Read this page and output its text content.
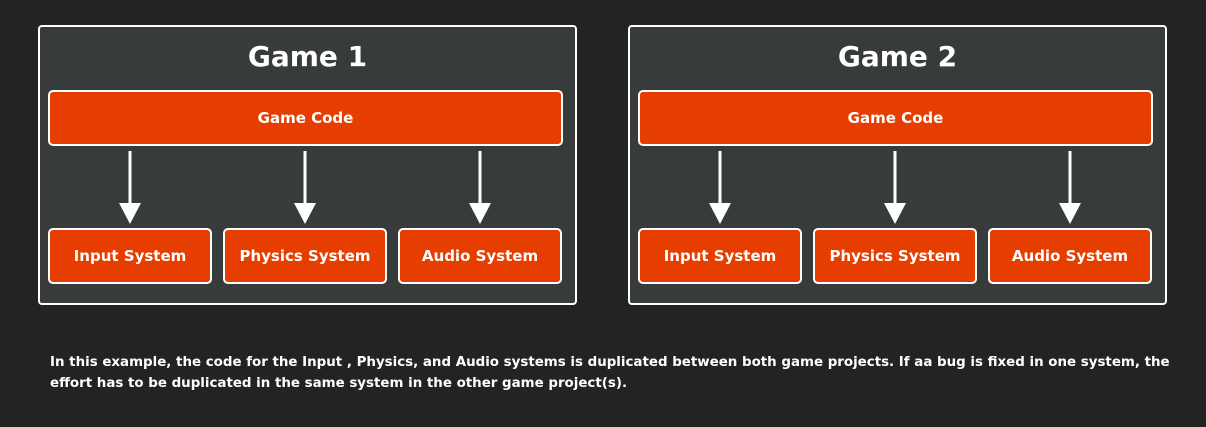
Game 1
Game Code
Input System	Physics System	Audio System
Game 2
Game Code
Input System	Physics System	Audio System

In this example, the code for the Input , Physics, and Audio systems is duplicated between both game projects. If aa bug is fixed in one system, the effort has to be duplicated in the same system in the other game project(s).
